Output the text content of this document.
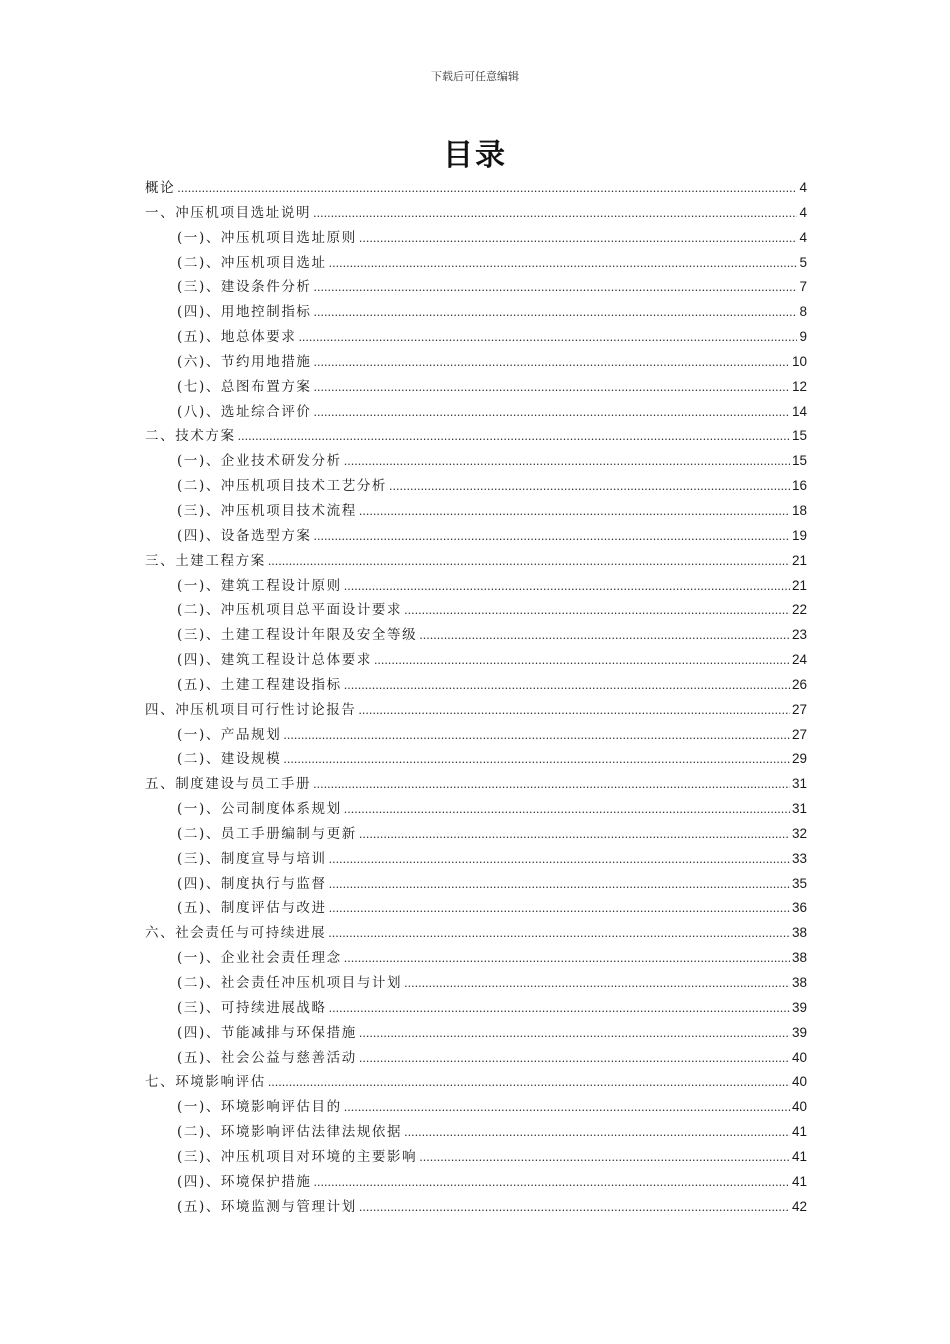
下载后可任意编辑
目录
概论 .....	4
一、冲压机项目选址说明 .....	4
(一)、冲压机项目选址原则 .....	4
(二)、冲压机项目选址 .....	5
(三)、建设条件分析 .....	7
(四)、用地控制指标 .....	8
(五)、地总体要求 .....	9
(六)、节约用地措施 .....	10
(七)、总图布置方案 .....	12
(八)、选址综合评价 .....	14
二、技术方案 .....	15
(一)、企业技术研发分析 .....	15
(二)、冲压机项目技术工艺分析 .....	16
(三)、冲压机项目技术流程 .....	18
(四)、设备选型方案 .....	19
三、土建工程方案 .....	21
(一)、建筑工程设计原则 .....	21
(二)、冲压机项目总平面设计要求 .....	22
(三)、土建工程设计年限及安全等级 .....	23
(四)、建筑工程设计总体要求 .....	24
(五)、土建工程建设指标 .....	26
四、冲压机项目可行性讨论报告 .....	27
(一)、产品规划 .....	27
(二)、建设规模 .....	29
五、制度建设与员工手册 .....	31
(一)、公司制度体系规划 .....	31
(二)、员工手册编制与更新 .....	32
(三)、制度宣导与培训 .....	33
(四)、制度执行与监督 .....	35
(五)、制度评估与改进 .....	36
六、社会责任与可持续进展 .....	38
(一)、企业社会责任理念 .....	38
(二)、社会责任冲压机项目与计划 .....	38
(三)、可持续进展战略 .....	39
(四)、节能减排与环保措施 .....	39
(五)、社会公益与慈善活动 .....	40
七、环境影响评估 .....	40
(一)、环境影响评估目的 .....	40
(二)、环境影响评估法律法规依据 .....	41
(三)、冲压机项目对环境的主要影响 .....	41
(四)、环境保护措施 .....	41
(五)、环境监测与管理计划 .....	42
